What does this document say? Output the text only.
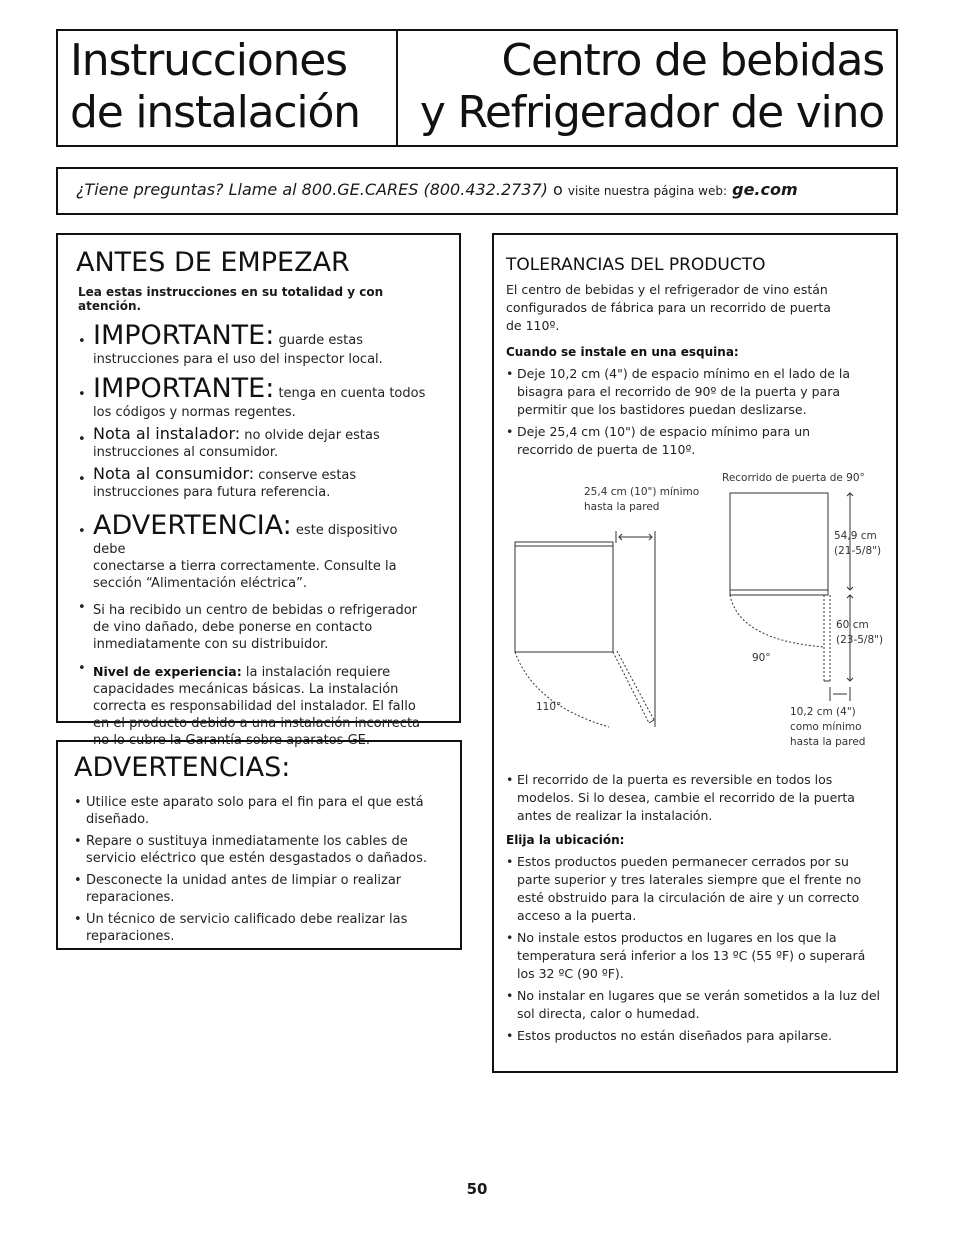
Instrucciones
de instalación
Centro de bebidas
y Refrigerador de vino
¿Tiene preguntas? Llame al 800.GE.CARES (800.432.2737) o visite nuestra página web: ge.com
ANTES DE EMPEZAR
Lea estas instrucciones en su totalidad y con atención.
• IMPORTANTE: guarde estas
instrucciones para el uso del inspector local.
• IMPORTANTE: tenga en cuenta todos
los códigos y normas regentes.
• Nota al instalador: no olvide dejar estas
instrucciones al consumidor.
• Nota al consumidor: conserve estas
instrucciones para futura referencia.
• ADVERTENCIA: este dispositivo debe
conectarse a tierra correctamente. Consulte la sección “Alimentación eléctrica”.
• Si ha recibido un centro de bebidas o refrigerador de vino dañado, debe ponerse en contacto inmediatamente con su distribuidor.
• Nivel de experiencia: la instalación requiere
capacidades mecánicas básicas. La instalación correcta es responsabilidad del instalador. El fallo en el producto debido a una instalación incorrecta no lo cubre la Garantía sobre aparatos GE.
ADVERTENCIAS:
• Utilice este aparato solo para el fin para el que está diseñado.
• Repare o sustituya inmediatamente los cables de servicio eléctrico que estén desgastados o dañados.
• Desconecte la unidad antes de limpiar o realizar reparaciones.
• Un técnico de servicio calificado debe realizar las reparaciones.
TOLERANCIAS DEL PRODUCTO
El centro de bebidas y el refrigerador de vino están configurados de fábrica para un recorrido de puerta de 110º.
Cuando se instale en una esquina:
• Deje 10,2 cm (4") de espacio mínimo en el lado de la bisagra para el recorrido de 90º de la puerta y para permitir que los bastidores puedan deslizarse.
• Deje 25,4 cm (10") de espacio mínimo para un recorrido de puerta de 110º.
25,4 cm (10") mínimo
hasta la pared
110°
Recorrido de puerta de 90°
54,9 cm
(21-5/8")
60 cm
(23-5/8")
90°
10,2 cm (4")
como mínimo
hasta la pared
• El recorrido de la puerta es reversible en todos los modelos. Si lo desea, cambie el recorrido de la puerta antes de realizar la instalación.
Elija la ubicación:
• Estos productos pueden permanecer cerrados por su parte superior y tres laterales siempre que el frente no esté obstruido para la circulación de aire y un correcto acceso a la puerta.
• No instale estos productos en lugares en los que la temperatura será inferior a los 13 ºC (55 ºF) o superará los 32 ºC (90 ºF).
• No instalar en lugares que se verán sometidos a la luz del sol directa, calor o humedad.
• Estos productos no están diseñados para apilarse.
50
